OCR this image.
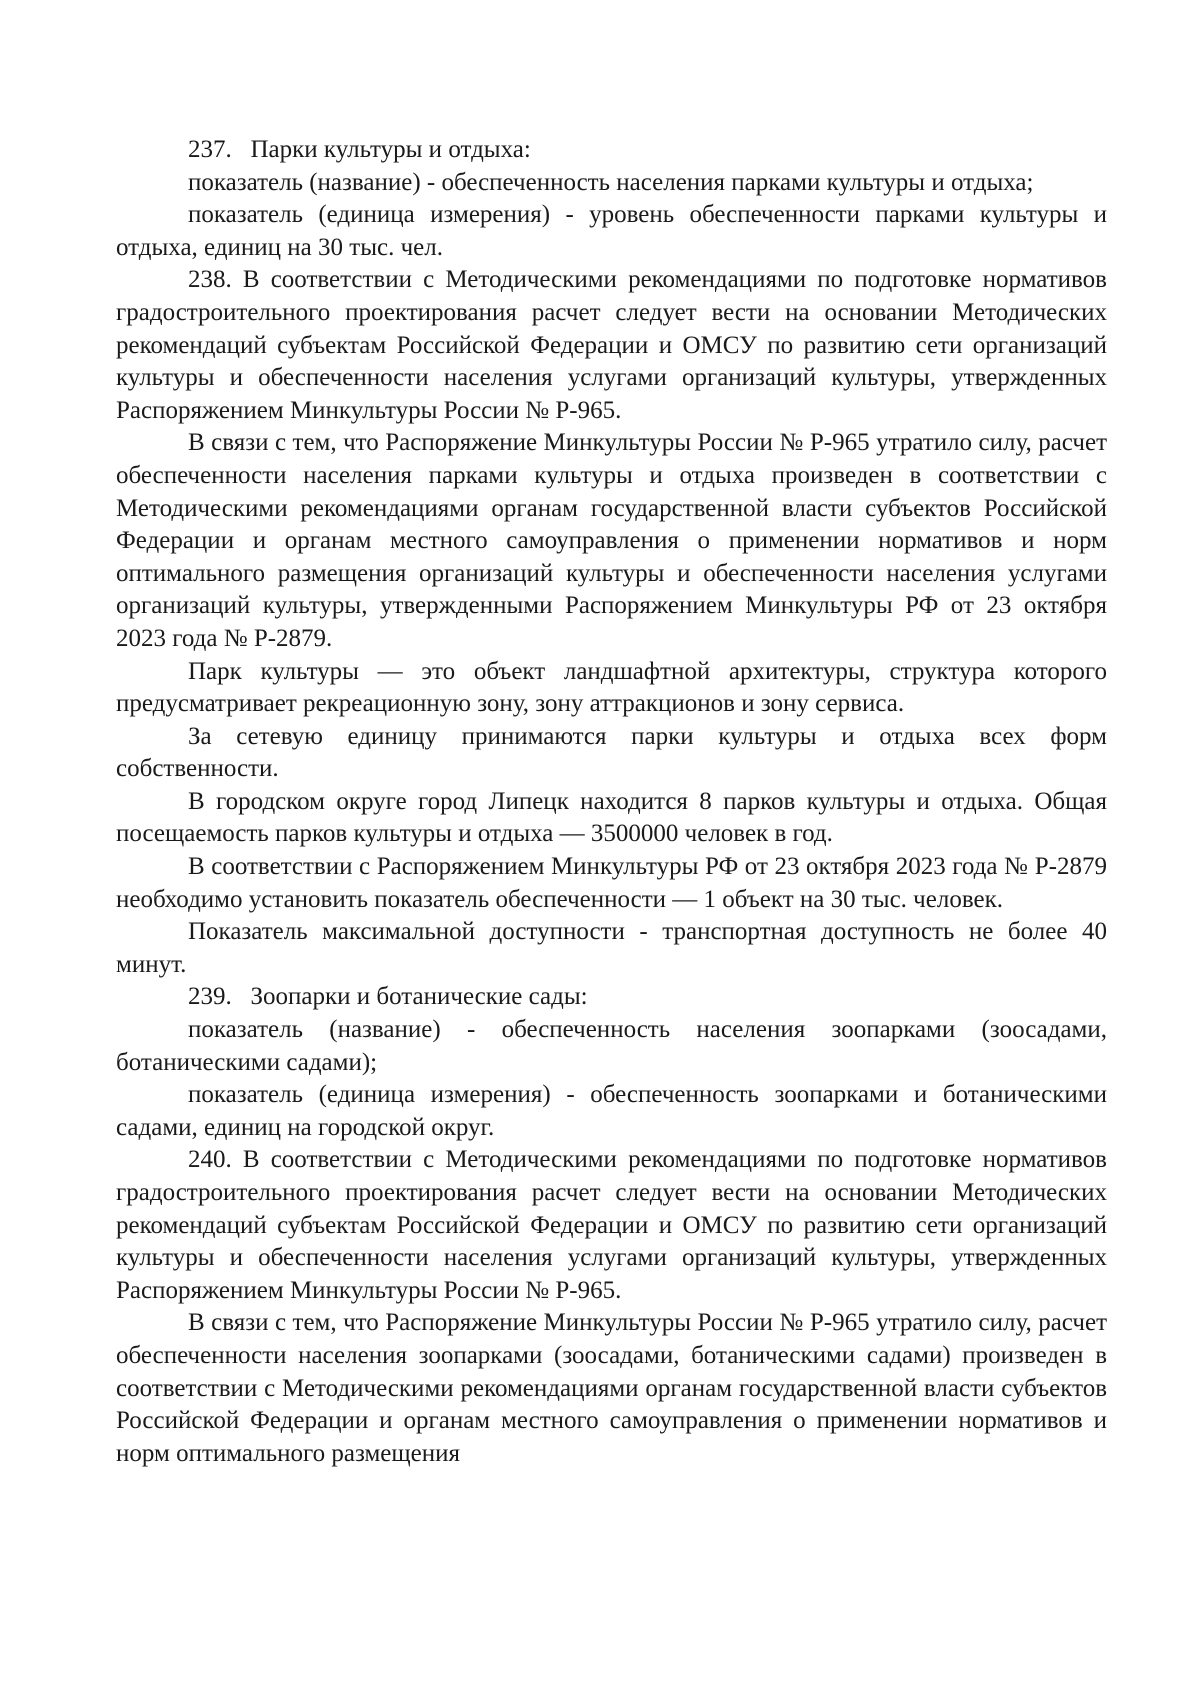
237.   Парки культуры и отдыха:

показатель (название) - обеспеченность населения парками культуры и отдыха;

показатель (единица измерения) - уровень обеспеченности парками культуры и отдыха, единиц на 30 тыс. чел.

238. В соответствии с Методическими рекомендациями по подготовке нормативов градостроительного проектирования расчет следует вести на основании Методических рекомендаций субъектам Российской Федерации и ОМСУ по развитию сети организаций культуры и обеспеченности населения услугами организаций культуры, утвержденных Распоряжением Минкультуры России № Р-965.

В связи с тем, что Распоряжение Минкультуры России № Р-965 утратило силу, расчет обеспеченности населения парками культуры и отдыха произведен в соответствии с Методическими рекомендациями органам государственной власти субъектов Российской Федерации и органам местного самоуправления о применении нормативов и норм оптимального размещения организаций культуры и обеспеченности населения услугами организаций культуры, утвержденными Распоряжением Минкультуры РФ от 23 октября 2023 года № Р-2879.

Парк культуры — это объект ландшафтной архитектуры, структура которого предусматривает рекреационную зону, зону аттракционов и зону сервиса.

За сетевую единицу принимаются парки культуры и отдыха всех форм собственности.

В городском округе город Липецк находится 8 парков культуры и отдыха. Общая посещаемость парков культуры и отдыха — 3500000 человек в год.

В соответствии с Распоряжением Минкультуры РФ от 23 октября 2023 года № Р-2879 необходимо установить показатель обеспеченности — 1 объект на 30 тыс. человек.

Показатель максимальной доступности - транспортная доступность не более 40 минут.

239.   Зоопарки и ботанические сады:

показатель (название) - обеспеченность населения зоопарками (зоосадами, ботаническими садами);

показатель (единица измерения) - обеспеченность зоопарками и ботаническими садами, единиц на городской округ.

240. В соответствии с Методическими рекомендациями по подготовке нормативов градостроительного проектирования расчет следует вести на основании Методических рекомендаций субъектам Российской Федерации и ОМСУ по развитию сети организаций культуры и обеспеченности населения услугами организаций культуры, утвержденных Распоряжением Минкультуры России № Р-965.

В связи с тем, что Распоряжение Минкультуры России № Р-965 утратило силу, расчет обеспеченности населения зоопарками (зоосадами, ботаническими садами) произведен в соответствии с Методическими рекомендациями органам государственной власти субъектов Российской Федерации и органам местного самоуправления о применении нормативов и норм оптимального размещения
